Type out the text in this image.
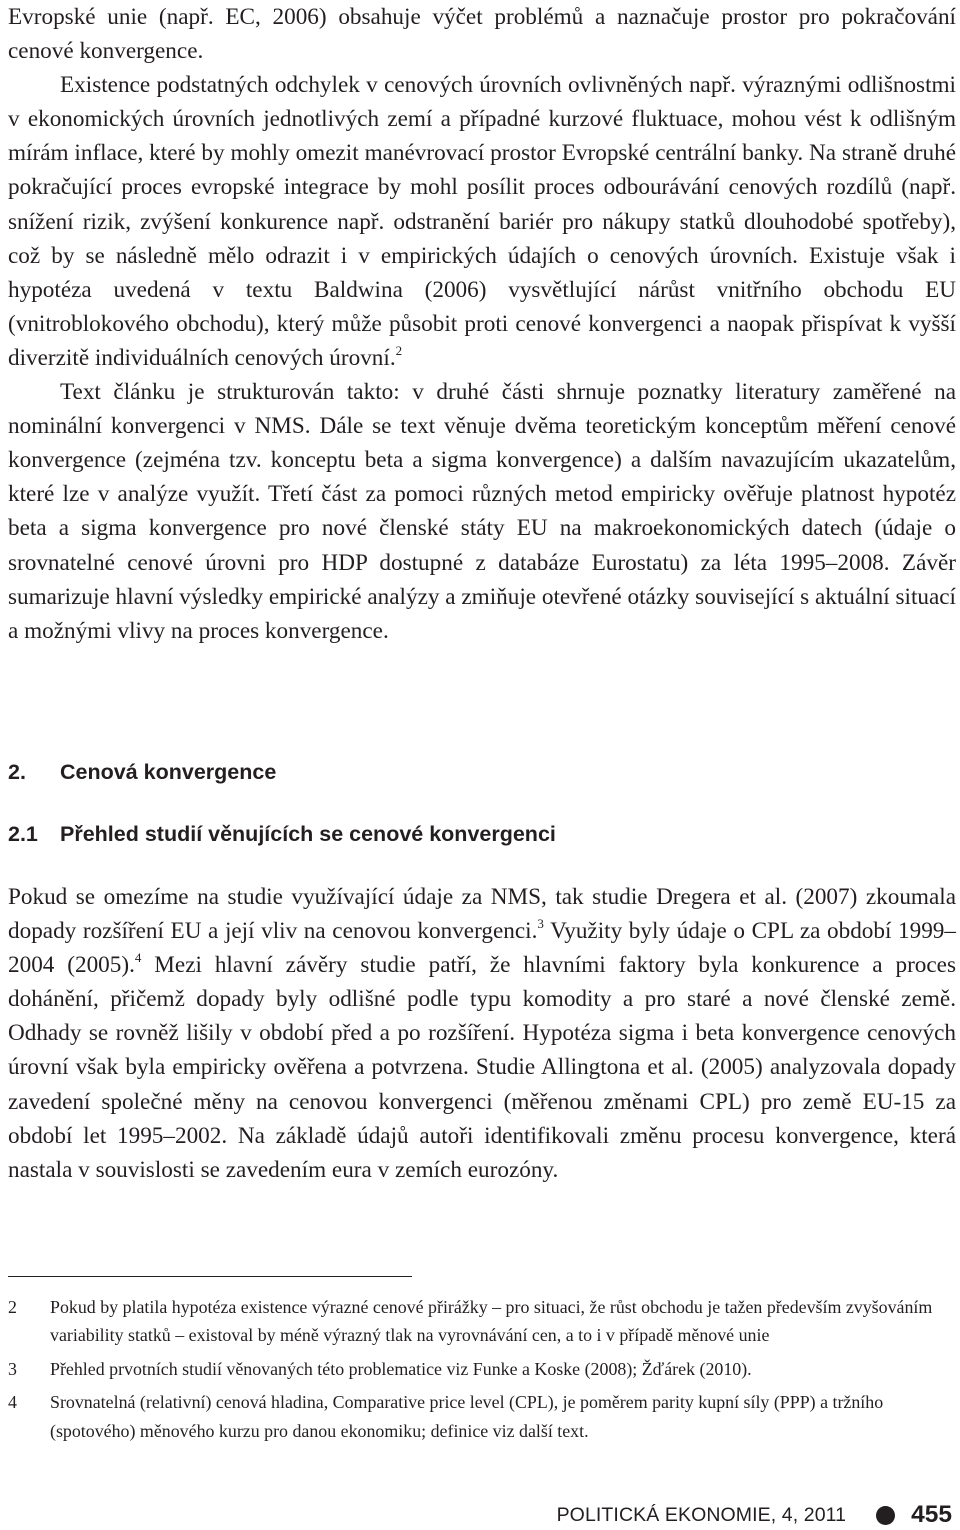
Evropské unie (např. EC, 2006) obsahuje výčet problémů a naznačuje prostor pro pokračování cenové konvergence.

Existence podstatných odchylek v cenových úrovních ovlivněných např. výraznými odlišnostmi v ekonomických úrovních jednotlivých zemí a případné kurzové fluktuace, mohou vést k odlišným mírám inflace, které by mohly omezit manévrovací prostor Evropské centrální banky. Na straně druhé pokračující proces evropské integrace by mohl posílit proces odbourávání cenových rozdílů (např. snížení rizik, zvýšení konkurence např. odstranění bariér pro nákupy statků dlouhodobé spotřeby), což by se následně mělo odrazit i v empirických údajích o cenových úrovních. Existuje však i hypotéza uvedená v textu Baldwina (2006) vysvětlující nárůst vnitřního obchodu EU (vnitroblokového obchodu), který může působit proti cenové konvergenci a naopak přispívat k vyšší diverzitě individuálních cenových úrovní.$^2$

Text článku je strukturován takto: v druhé části shrnuje poznatky literatury zaměřené na nominální konvergenci v NMS. Dále se text věnuje dvěma teoretickým konceptům měření cenové konvergence (zejména tzv. konceptu beta a sigma konvergence) a dalším navazujícím ukazatelům, které lze v analýze využít. Třetí část za pomoci různých metod empiricky ověřuje platnost hypotéz beta a sigma konvergence pro nové členské státy EU na makroekonomických datech (údaje o srovnatelné cenové úrovni pro HDP dostupné z databáze Eurostatu) za léta 1995–2008. Závěr sumarizuje hlavní výsledky empirické analýzy a zmiňuje otevřené otázky související s aktuální situací a možnými vlivy na proces konvergence.

2. Cenová konvergence
2.1 Přehled studií věnujících se cenové konvergenci

Pokud se omezíme na studie využívající údaje za NMS, tak studie Dregera et al. (2007) zkoumala dopady rozšíření EU a její vliv na cenovou konvergenci.$^3$ Využity byly údaje o CPL za období 1999–2004 (2005).$^4$ Mezi hlavní závěry studie patří, že hlavními faktory byla konkurence a proces dohánění, přičemž dopady byly odlišné podle typu komodity a pro staré a nové členské země. Odhady se rovněž lišily v období před a po rozšíření. Hypotéza sigma i beta konvergence cenových úrovní však byla empiricky ověřena a potvrzena. Studie Allingtona et al. (2005) analyzovala dopady zavedení společné měny na cenovou konvergenci (měřenou změnami CPL) pro země EU-15 za období let 1995–2002. Na základě údajů autoři identifikovali změnu procesu konvergence, která nastala v souvislosti se zavedením eura v zemích eurozóny.

2 Pokud by platila hypotéza existence výrazné cenové přirážky – pro situaci, že růst obchodu je tažen především zvyšováním variability statků – existoval by méně výrazný tlak na vyrovnávání cen, a to i v případě měnové unie
3 Přehled prvotních studií věnovaných této problematice viz Funke a Koske (2008); Žďárek (2010).
4 Srovnatelná (relativní) cenová hladina, Comparative price level (CPL), je poměrem parity kupní síly (PPP) a tržního (spotového) měnového kurzu pro danou ekonomiku; definice viz další text.
POLITICKÁ EKONOMIE, 4, 2011	455
